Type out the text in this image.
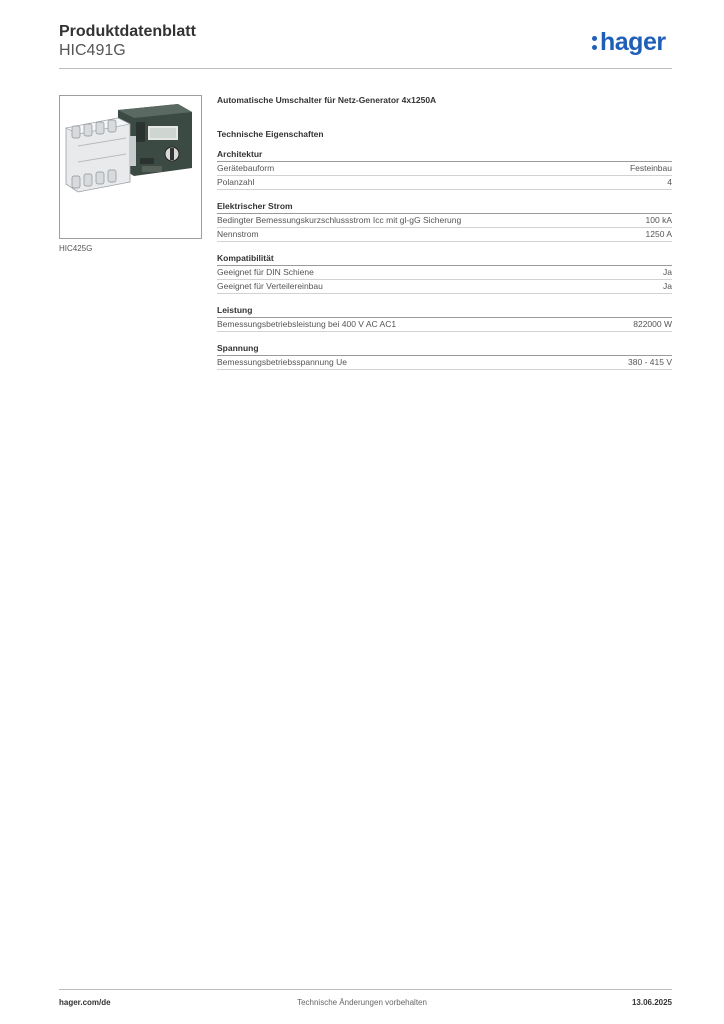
Produktdatenblatt
HIC491G	hager
HIC425G
Automatische Umschalter für Netz-Generator 4x1250A
Technische Eigenschaften
Architektur
Gerätebauform	Festeinbau
Polanzahl	4
Elektrischer Strom
Bedingter Bemessungskurzschlussstrom Icc mit gl-gG Sicherung	100 kA
Nennstrom	1250 A
Kompatibilität
Geeignet für DIN Schiene	Ja
Geeignet für Verteilereinbau	Ja
Leistung
Bemessungsbetriebsleistung bei 400 V AC AC1	822000 W
Spannung
Bemessungsbetriebsspannung Ue	380 - 415 V
hager.com/de	Technische Änderungen vorbehalten	13.06.2025
